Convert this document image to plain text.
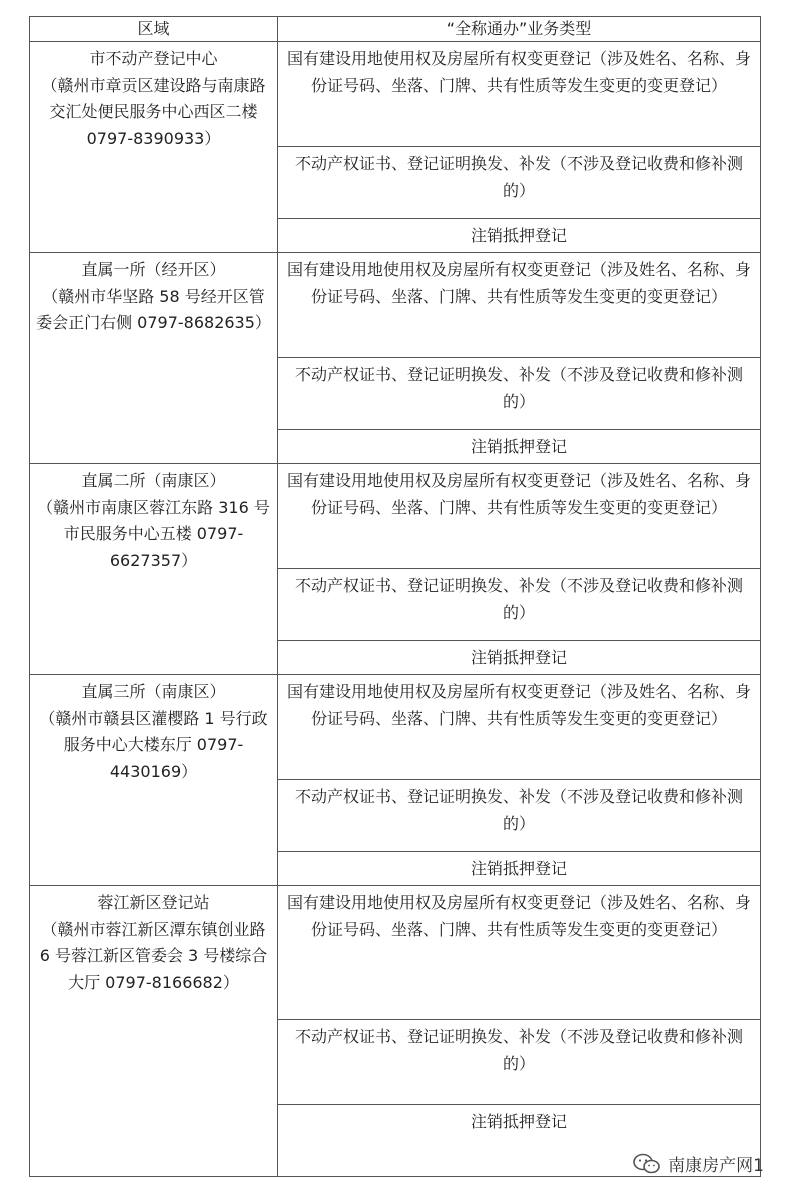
区域	“全称通办”业务类型

市不动产登记中心
（赣州市章贡区建设路与南康路交汇处便民服务中心西区二楼 0797-8390933）	国有建设用地使用权及房屋所有权变更登记（涉及姓名、名称、身份证号码、坐落、门牌、共有性质等发生变更的变更登记）

	不动产权证书、登记证明换发、补发（不涉及登记收费和修补测的）

	注销抵押登记

直属一所（经开区）
（赣州市华坚路 58 号经开区管委会正门右侧 0797-8682635）	国有建设用地使用权及房屋所有权变更登记（涉及姓名、名称、身份证号码、坐落、门牌、共有性质等发生变更的变更登记）

	不动产权证书、登记证明换发、补发（不涉及登记收费和修补测的）

	注销抵押登记

直属二所（南康区）
（赣州市南康区蓉江东路 316 号市民服务中心五楼 0797-6627357）	国有建设用地使用权及房屋所有权变更登记（涉及姓名、名称、身份证号码、坐落、门牌、共有性质等发生变更的变更登记）

	不动产权证书、登记证明换发、补发（不涉及登记收费和修补测的）

	注销抵押登记

直属三所（南康区）
（赣州市赣县区灌樱路 1 号行政服务中心大楼东厅 0797-4430169）	国有建设用地使用权及房屋所有权变更登记（涉及姓名、名称、身份证号码、坐落、门牌、共有性质等发生变更的变更登记）

	不动产权证书、登记证明换发、补发（不涉及登记收费和修补测的）

	注销抵押登记

蓉江新区登记站
（赣州市蓉江新区潭东镇创业路 6 号蓉江新区管委会 3 号楼综合大厅 0797-8166682）	国有建设用地使用权及房屋所有权变更登记（涉及姓名、名称、身份证号码、坐落、门牌、共有性质等发生变更的变更登记）

	不动产权证书、登记证明换发、补发（不涉及登记收费和修补测的）

	注销抵押登记
南康房产网1
